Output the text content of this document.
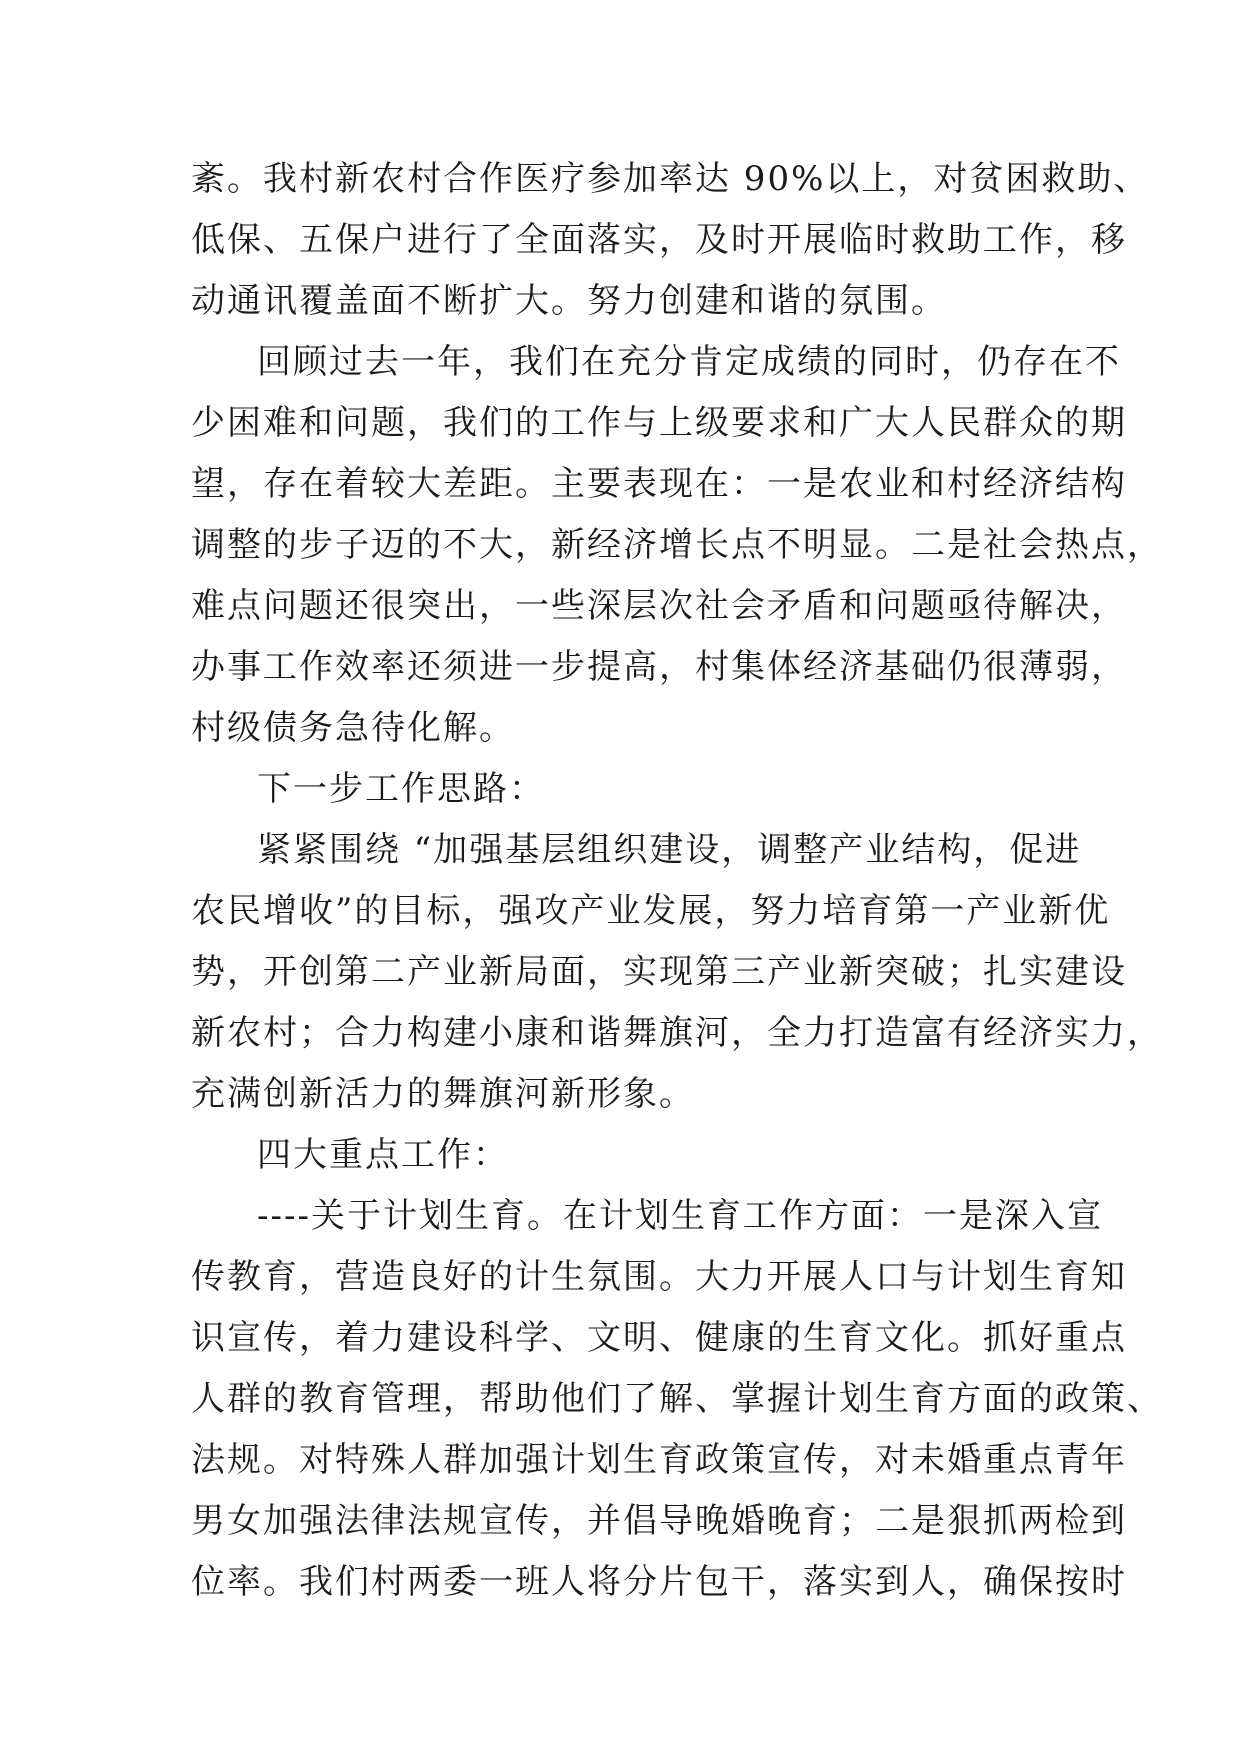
紊。我村新农村合作医疗参加率达 90%以上，对贫困救助、
低保、五保户进行了全面落实，及时开展临时救助工作，移
动通讯覆盖面不断扩大。努力创建和谐的氛围。
回顾过去一年，我们在充分肯定成绩的同时，仍存在不
少困难和问题，我们的工作与上级要求和广大人民群众的期
望，存在着较大差距。主要表现在：一是农业和村经济结构
调整的步子迈的不大，新经济增长点不明显。二是社会热点，
难点问题还很突出，一些深层次社会矛盾和问题亟待解决，
办事工作效率还须进一步提高，村集体经济基础仍很薄弱，
村级债务急待化解。
下一步工作思路：
紧紧围绕 “加强基层组织建设，调整产业结构，促进
农民增收”的目标，强攻产业发展，努力培育第一产业新优
势，开创第二产业新局面，实现第三产业新突破；扎实建设
新农村；合力构建小康和谐舞旗河，全力打造富有经济实力，
充满创新活力的舞旗河新形象。
四大重点工作：
----关于计划生育。在计划生育工作方面：一是深入宣
传教育，营造良好的计生氛围。大力开展人口与计划生育知
识宣传，着力建设科学、文明、健康的生育文化。抓好重点
人群的教育管理，帮助他们了解、掌握计划生育方面的政策、
法规。对特殊人群加强计划生育政策宣传，对未婚重点青年
男女加强法律法规宣传，并倡导晚婚晚育；二是狠抓两检到
位率。我们村两委一班人将分片包干，落实到人，确保按时
